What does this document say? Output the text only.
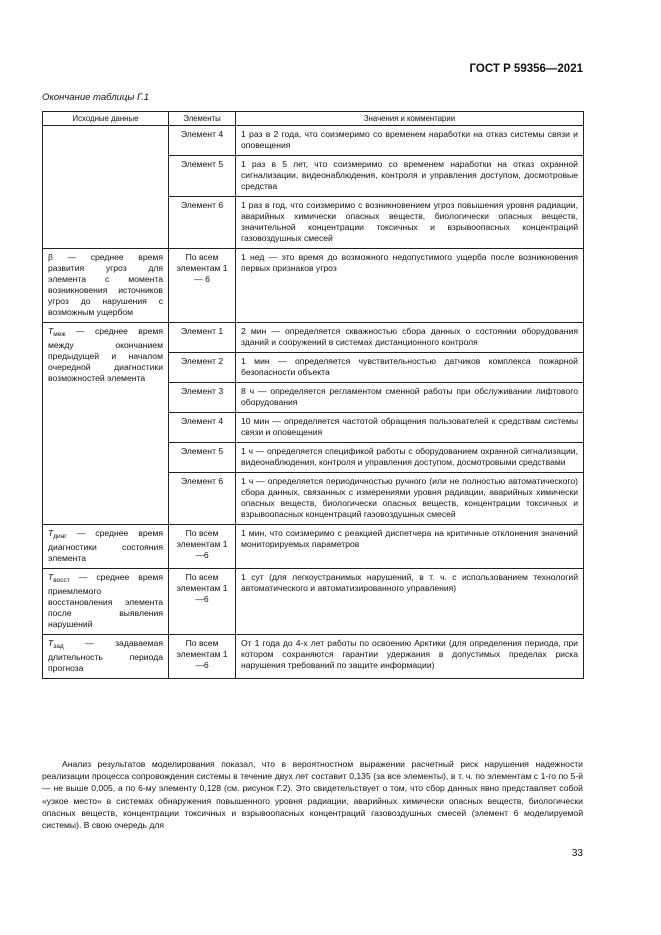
ГОСТ Р 59356—2021
Окончание таблицы Г.1
Исходные данные	Элементы	Значения и комментарии
	Элемент 4	1 раз в 2 года, что соизмеримо со временем наработки на отказ системы связи и оповещения
	Элемент 5	1 раз в 5 лет, что соизмеримо со временем наработки на отказ охранной сигнализации, видеонаблюдения, контроля и управления доступом, досмотровые средства
	Элемент 6	1 раз в год, что соизмеримо с возникновением угроз повышения уровня радиации, аварийных химически опасных веществ, биологически опасных веществ, значительной концентрации токсичных и взрывоопасных концентраций газовоздушных смесей
β — среднее время развития угроз для элемента с момента возникновения источников угроз до нарушения с возможным ущербом	По всем элементам 1 — 6	1 нед — это время до возможного недопустимого ущерба после возникновения первых признаков угроз
$T_{меж}$ — среднее время между окончанием предыдущей и началом очередной диагностики возможностей элемента	Элемент 1	2 мин — определяется скважностью сбора данных о состоянии оборудования зданий и сооружений в системах дистанционного контроля
	Элемент 2	1 мин — определяется чувствительностью датчиков комплекса пожарной безопасности объекта
	Элемент 3	8 ч — определяется регламентом сменной работы при обслуживании лифтового оборудования
	Элемент 4	10 мин — определяется частотой обращения пользователей к средствам системы связи и оповещения
	Элемент 5	1 ч — определяется спецификой работы с оборудованием охранной сигнализации, видеонаблюдения, контроля и управления доступом, досмотровыми средствами
	Элемент 6	1 ч — определяется периодичностью ручного (или не полностью автоматического) сбора данных, связанных с измерениями уровня радиации, аварийных химически опасных веществ, биологически опасных веществ, концентрации токсичных и взрывоопасных концентраций газовоздушных смесей
$T_{диаг}$ — среднее время диагностики состояния элемента	По всем элементам 1—6	1 мин, что соизмеримо с реакцией диспетчера на критичные отклонения значений мониторируемых параметров
$T_{восст}$ — среднее время приемлемого восстановления элемента после выявления нарушений	По всем элементам 1—6	1 сут (для легкоустранимых нарушений, в т. ч. с использованием технологий автоматического и автоматизированного управления)
$T_{зад}$ — задаваемая длительность периода прогноза	По всем элементам 1—6	От 1 года до 4-х лет работы по освоению Арктики (для определения периода, при котором сохраняются гарантии удержания в допустимых пределах риска нарушения требований по защите информации)

Анализ результатов моделирования показал, что в вероятностном выражении расчетный риск нарушения надежности реализации процесса сопровождения системы в течение двух лет составит 0,135 (за все элементы), в т. ч. по элементам с 1-го по 5-й — не выше 0,005, а по 6-му элементу 0,128 (см. рисунок Г.2). Это свидетельствует о том, что сбор данных явно представляет собой «узкое место» в системах обнаружения повышенного уровня радиации, аварийных химически опасных веществ, биологически опасных веществ, концентрации токсичных и взрывоопасных концентраций газовоздушных смесей (элемент 6 моделируемой системы). В свою очередь для

33
